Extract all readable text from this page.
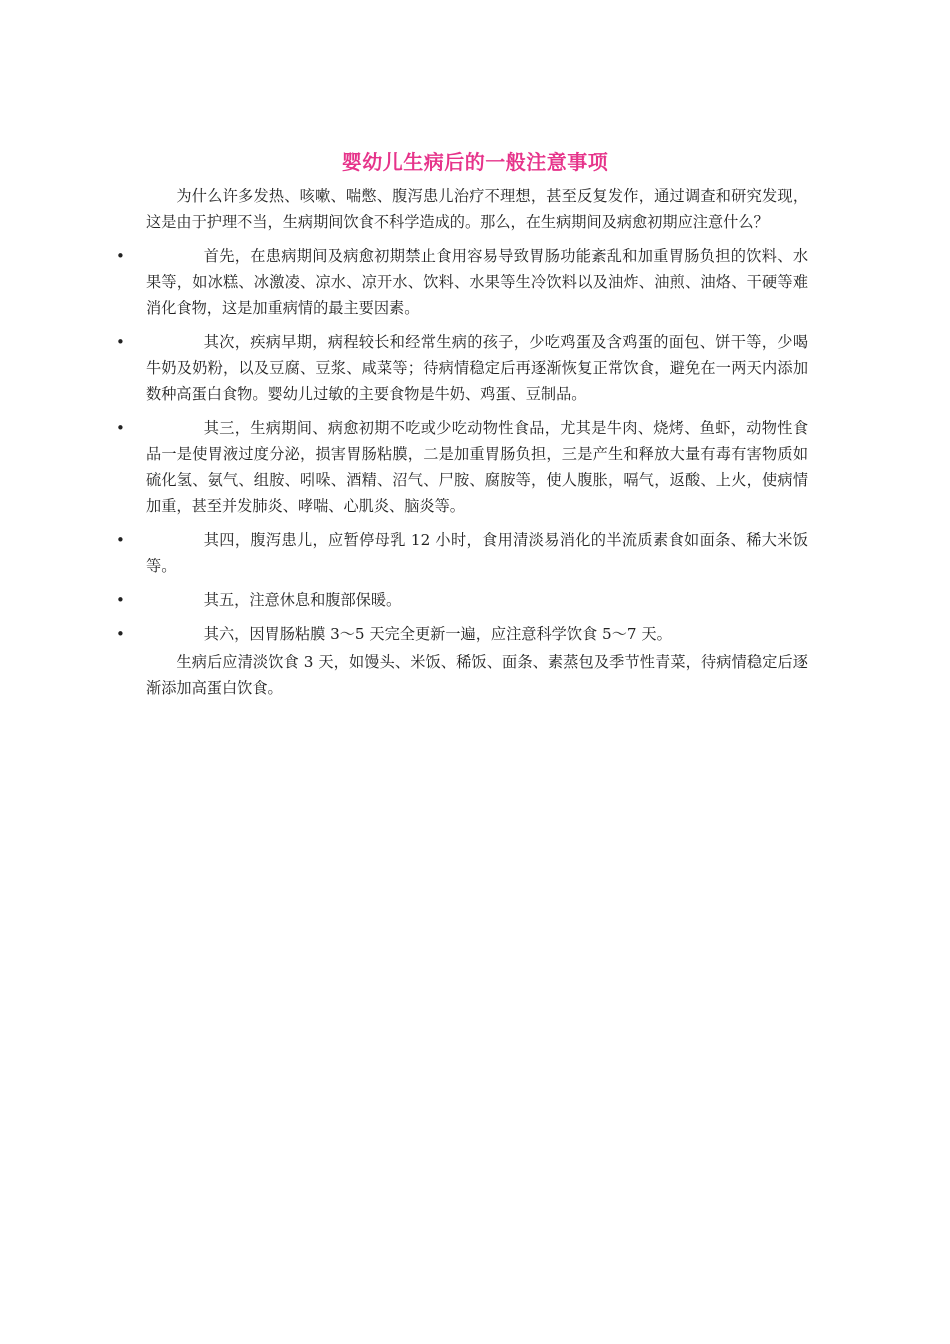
婴幼儿生病后的一般注意事项

为什么许多发热、咳嗽、喘憋、腹泻患儿治疗不理想，甚至反复发作，通过调查和研究发现，这是由于护理不当，生病期间饮食不科学造成的。那么，在生病期间及病愈初期应注意什么？

•	首先，在患病期间及病愈初期禁止食用容易导致胃肠功能紊乱和加重胃肠负担的饮料、水果等，如冰糕、冰激凌、凉水、凉开水、饮料、水果等生冷饮料以及油炸、油煎、油烙、干硬等难消化食物，这是加重病情的最主要因素。
•	其次，疾病早期，病程较长和经常生病的孩子，少吃鸡蛋及含鸡蛋的面包、饼干等，少喝牛奶及奶粉，以及豆腐、豆浆、咸菜等；待病情稳定后再逐渐恢复正常饮食，避免在一两天内添加数种高蛋白食物。婴幼儿过敏的主要食物是牛奶、鸡蛋、豆制品。
•	其三，生病期间、病愈初期不吃或少吃动物性食品，尤其是牛肉、烧烤、鱼虾，动物性食品一是使胃液过度分泌，损害胃肠粘膜，二是加重胃肠负担，三是产生和释放大量有毒有害物质如硫化氢、氨气、组胺、吲哚、酒精、沼气、尸胺、腐胺等，使人腹胀，嗝气，返酸、上火，使病情加重，甚至并发肺炎、哮喘、心肌炎、脑炎等。
•	其四，腹泻患儿，应暂停母乳 12 小时，食用清淡易消化的半流质素食如面条、稀大米饭等。
•	其五，注意休息和腹部保暖。
•	其六，因胃肠粘膜 3～5 天完全更新一遍，应注意科学饮食 5～7 天。

生病后应清淡饮食 3 天，如馒头、米饭、稀饭、面条、素蒸包及季节性青菜，待病情稳定后逐渐添加高蛋白饮食。
